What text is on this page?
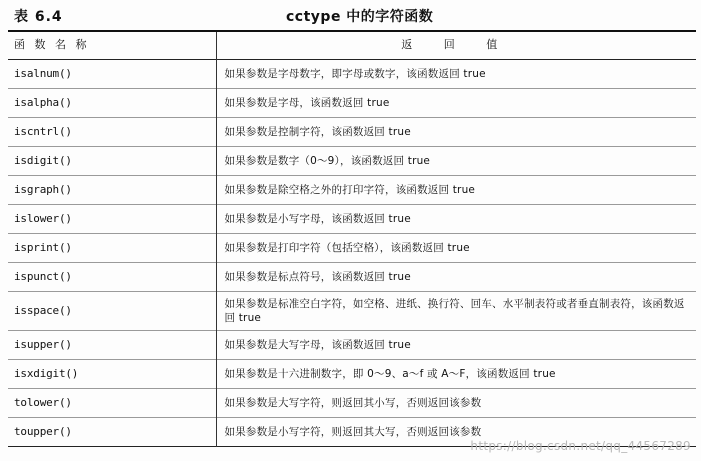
表 6.4	cctype 中的字符函数
函 数 名 称	返 回 值
isalnum()	如果参数是字母数字，即字母或数字，该函数返回 true
isalpha()	如果参数是字母，该函数返回 true
iscntrl()	如果参数是控制字符，该函数返回 true
isdigit()	如果参数是数字（0～9），该函数返回 true
isgraph()	如果参数是除空格之外的打印字符，该函数返回 true
islower()	如果参数是小写字母，该函数返回 true
isprint()	如果参数是打印字符（包括空格），该函数返回 true
ispunct()	如果参数是标点符号，该函数返回 true
isspace()	如果参数是标准空白字符，如空格、进纸、换行符、回车、水平制表符或者垂直制表符，该函数返回 true
isupper()	如果参数是大写字母，该函数返回 true
isxdigit()	如果参数是十六进制数字，即 0～9、a～f 或 A～F，该函数返回 true
tolower()	如果参数是大写字符，则返回其小写，否则返回该参数
toupper()	如果参数是小写字符，则返回其大写，否则返回该参数
https://blog.csdn.net/qq_44567289
